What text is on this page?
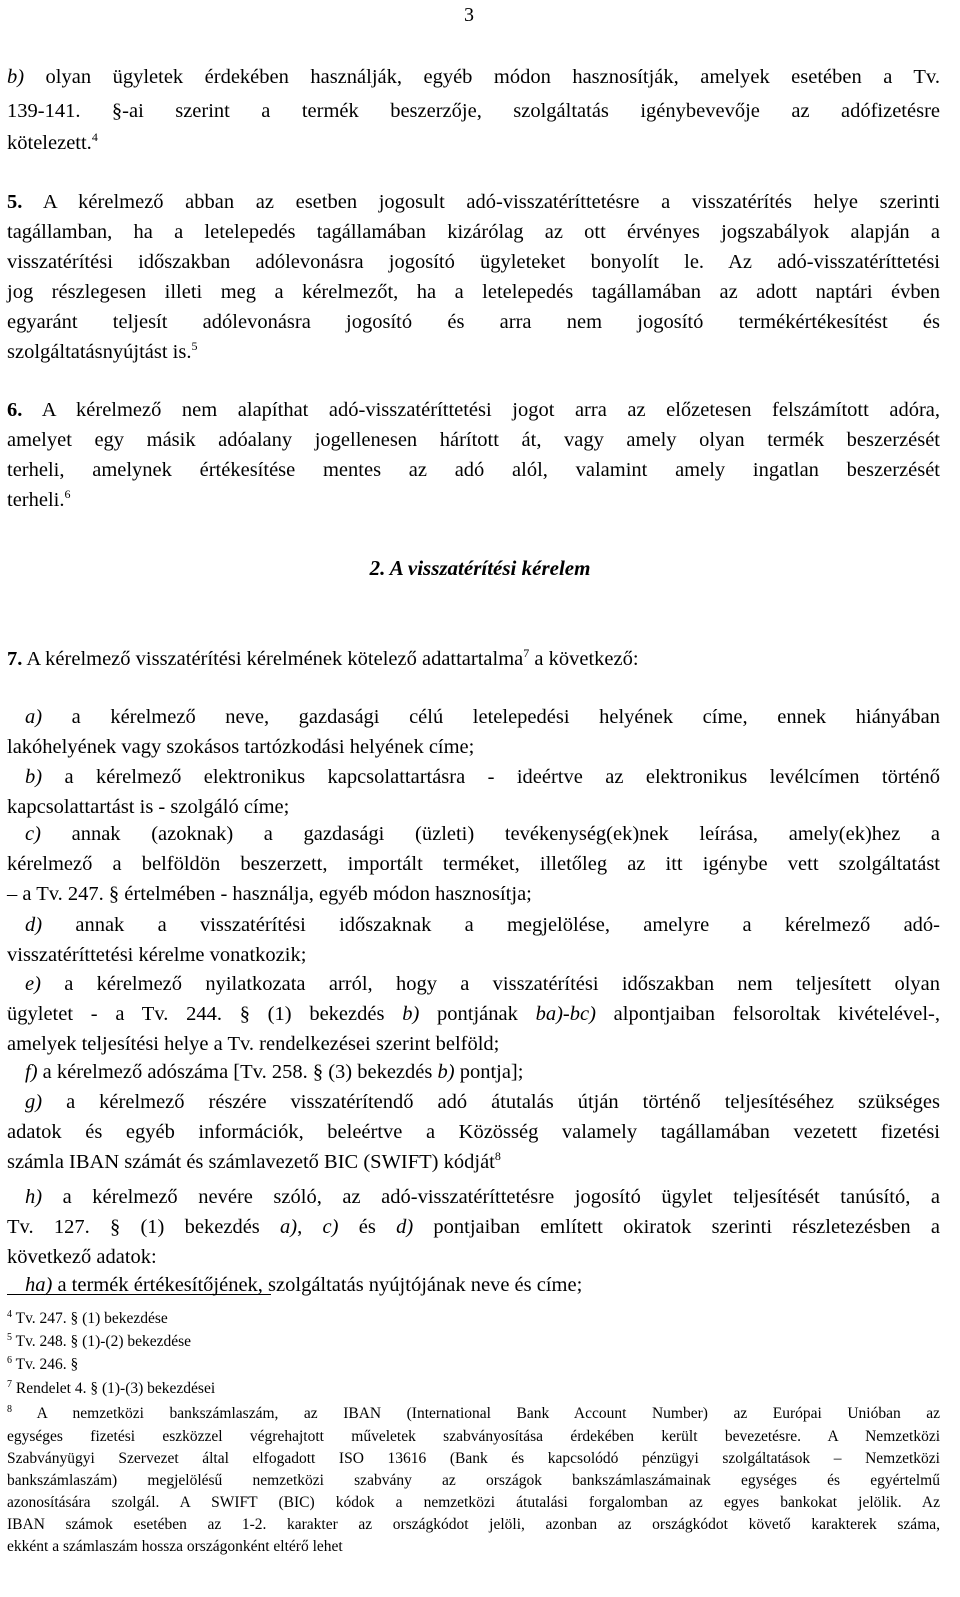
3
b) olyan ügyletek érdekében használják, egyéb módon hasznosítják, amelyek esetében a Tv.
139-141. §-ai szerint a termék beszerzője, szolgáltatás igénybevevője az adófizetésre
kötelezett.$^4$
5. A kérelmező abban az esetben jogosult adó-visszatéríttetésre a visszatérítés helye szerinti
tagállamban, ha a letelepedés tagállamában kizárólag az ott érvényes jogszabályok alapján a
visszatérítési időszakban adólevonásra jogosító ügyleteket bonyolít le. Az adó-visszatéríttetési
jog részlegesen illeti meg a kérelmezőt, ha a letelepedés tagállamában az adott naptári évben
egyaránt teljesít adólevonásra jogosító és arra nem jogosító termékértékesítést és
szolgáltatásnyújtást is.$^5$
6. A kérelmező nem alapíthat adó-visszatéríttetési jogot arra az előzetesen felszámított adóra,
amelyet egy másik adóalany jogellenesen hárított át, vagy amely olyan termék beszerzését
terheli, amelynek értékesítése mentes az adó alól, valamint amely ingatlan beszerzését
terheli.$^6$
2. A visszatérítési kérelem
7. A kérelmező visszatérítési kérelmének kötelező adattartalma$^7$ a következő:
a) a kérelmező neve, gazdasági célú letelepedési helyének címe, ennek hiányában
lakóhelyének vagy szokásos tartózkodási helyének címe;
b) a kérelmező elektronikus kapcsolattartásra - ideértve az elektronikus levélcímen történő
kapcsolattartást is - szolgáló címe;
c) annak (azoknak) a gazdasági (üzleti) tevékenység(ek)nek leírása, amely(ek)hez a
kérelmező a belföldön beszerzett, importált terméket, illetőleg az itt igénybe vett szolgáltatást
– a Tv. 247. § értelmében - használja, egyéb módon hasznosítja;
d) annak a visszatérítési időszaknak a megjelölése, amelyre a kérelmező adó-
visszatéríttetési kérelme vonatkozik;
e) a kérelmező nyilatkozata arról, hogy a visszatérítési időszakban nem teljesített olyan
ügyletet - a Tv. 244. § (1) bekezdés b) pontjának ba)-bc) alpontjaiban felsoroltak kivételével-,
amelyek teljesítési helye a Tv. rendelkezései szerint belföld;
f) a kérelmező adószáma [Tv. 258. § (3) bekezdés b) pontja];
g) a kérelmező részére visszatérítendő adó átutalás útján történő teljesítéséhez szükséges
adatok és egyéb információk, beleértve a Közösség valamely tagállamában vezetett fizetési
számla IBAN számát és számlavezető BIC (SWIFT) kódját$^8$
h) a kérelmező nevére szóló, az adó-visszatéríttetésre jogosító ügylet teljesítését tanúsító, a
Tv. 127. § (1) bekezdés a), c) és d) pontjaiban említett okiratok szerinti részletezésben a
következő adatok:
ha) a termék értékesítőjének, szolgáltatás nyújtójának neve és címe;
$^4$ Tv. 247. § (1) bekezdése
$^5$ Tv. 248. § (1)-(2) bekezdése
$^6$ Tv. 246. §
$^7$ Rendelet 4. § (1)-(3) bekezdései
$^8$ A nemzetközi bankszámlaszám, az IBAN (International Bank Account Number) az Európai Unióban az
egységes fizetési eszközzel végrehajtott műveletek szabványosítása érdekében került bevezetésre. A Nemzetközi
Szabványügyi Szervezet által elfogadott ISO 13616 (Bank és kapcsolódó pénzügyi szolgáltatások – Nemzetközi
bankszámlaszám) megjelölésű nemzetközi szabvány az országok bankszámlaszámainak egységes és egyértelmű
azonosítására szolgál. A SWIFT (BIC) kódok a nemzetközi átutalási forgalomban az egyes bankokat jelölik. Az
IBAN számok esetében az 1-2. karakter az országkódot jelöli, azonban az országkódot követő karakterek száma,
ekként a számlaszám hossza országonként eltérő lehet
